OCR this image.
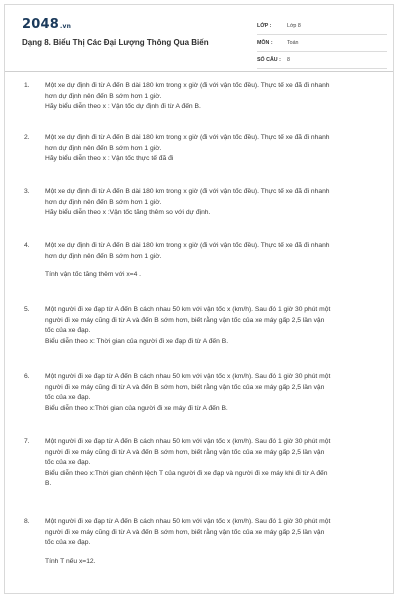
2048.vn
Dạng 8. Biểu Thị Các Đại Lượng Thông Qua Biến
LỚP :	Lớp 8
MÔN :	Toán
SỐ CÂU :	8
1. Một xe dự định đi từ A đến B dài 180 km trong x giờ (đi với vận tốc đều). Thực tế xe đã đi nhanh

hơn dự định nên đến B sớm hơn 1 giờ.

Hãy biểu diễn theo x : Vận tốc dự định đi từ A đến B.

2. Một xe dự định đi từ A đến B dài 180 km trong x giờ (đi với vận tốc đều). Thực tế xe đã đi nhanh

hơn dự định nên đến B sớm hơn 1 giờ.

Hãy biểu diễn theo x : Vận tốc thực tế đã đi

3. Một xe dự định đi từ A đến B dài 180 km trong x giờ (đi với vận tốc đều). Thực tế xe đã đi nhanh

hơn dự định nên đến B sớm hơn 1 giờ.

Hãy biểu diễn theo x :Vận tốc tăng thêm so với dự định.

4. Một xe dự định đi từ A đến B dài 180 km trong x giờ (đi với vận tốc đều). Thực tế xe đã đi nhanh

hơn dự định nên đến B sớm hơn 1 giờ.

Tính vận tốc tăng thêm với x=4 .

5. Một người đi xe đạp từ A đến B cách nhau 50 km với vận tốc x (km/h). Sau đó 1 giờ 30 phút một

người đi xe máy cũng đi từ A và đến B sớm hơn, biết rằng vận tốc của xe máy gấp 2,5 lần vận

tốc của xe đạp.

Biểu diễn theo x: Thời gian của người đi xe đạp đi từ A đến B.

6. Một người đi xe đạp từ A đến B cách nhau 50 km với vận tốc x (km/h). Sau đó 1 giờ 30 phút một

người đi xe máy cũng đi từ A và đến B sớm hơn, biết rằng vận tốc của xe máy gấp 2,5 lần vận

tốc của xe đạp.

Biểu diễn theo x:Thời gian của người đi xe máy đi từ A đến B.

7. Một người đi xe đạp từ A đến B cách nhau 50 km với vận tốc x (km/h). Sau đó 1 giờ 30 phút một

người đi xe máy cũng đi từ A và đến B sớm hơn, biết rằng vận tốc của xe máy gấp 2,5 lần vận

tốc của xe đạp.

Biểu diễn theo x:Thời gian chênh lệch T của người đi xe đạp và người đi xe máy khi đi từ A đến

B.

8. Một người đi xe đạp từ A đến B cách nhau 50 km với vận tốc x (km/h). Sau đó 1 giờ 30 phút một

người đi xe máy cũng đi từ A và đến B sớm hơn, biết rằng vận tốc của xe máy gấp 2,5 lần vận

tốc của xe đạp.

Tính T nếu x=12.
